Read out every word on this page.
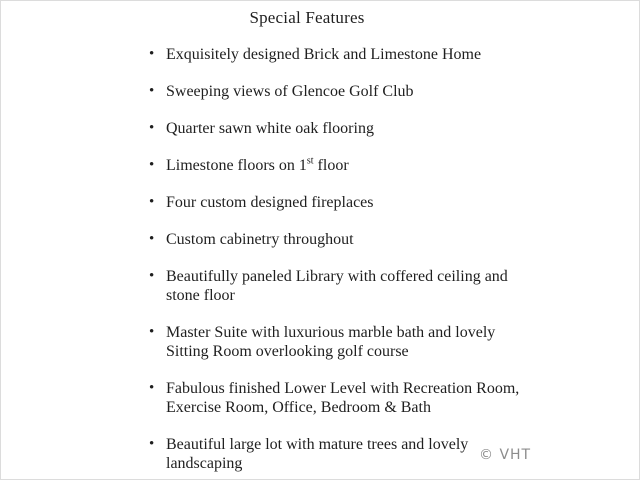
Special Features
• Exquisitely designed Brick and Limestone Home
• Sweeping views of Glencoe Golf Club
• Quarter sawn white oak flooring
• Limestone floors on 1st floor
• Four custom designed fireplaces
• Custom cabinetry throughout
• Beautifully paneled Library with coffered ceiling and
stone floor
• Master Suite with luxurious marble bath and lovely
Sitting Room overlooking golf course
• Fabulous finished Lower Level with Recreation Room,
Exercise Room, Office, Bedroom & Bath
• Beautiful large lot with mature trees and lovely
landscaping	© VHT
